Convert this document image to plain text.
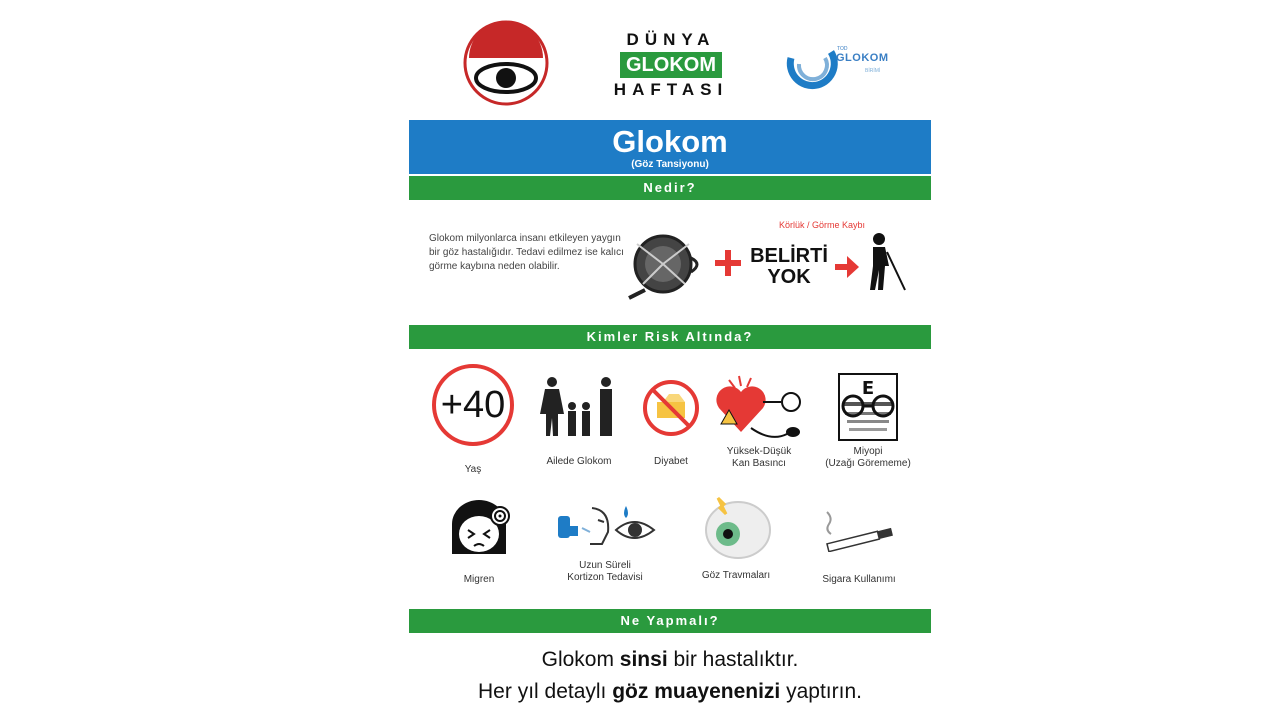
DÜNYA
GLOKOM
HAFTASI
TOD
GLOKOM
BİRİMİ
Glokom
(Göz Tansiyonu)
Nedir?
Glokom milyonlarca insanı etkileyen yaygın bir göz hastalığıdır. Tedavi edilmez ise kalıcı görme kaybına neden olabilir.
Körlük / Görme Kaybı
BELİRTİ
YOK
Kimler Risk Altında?
+40
Yaş
Ailede Glokom	Diyabet
Yüksek-Düşük
Kan Basıncı
E
Miyopi
(Uzağı Görememe)
Migren
Uzun Süreli
Kortizon Tedavisi	Göz Travmaları	Sigara Kullanımı
Ne Yapmalı?
Glokom sinsi bir hastalıktır.
Her yıl detaylı göz muayenenizi yaptırın.
